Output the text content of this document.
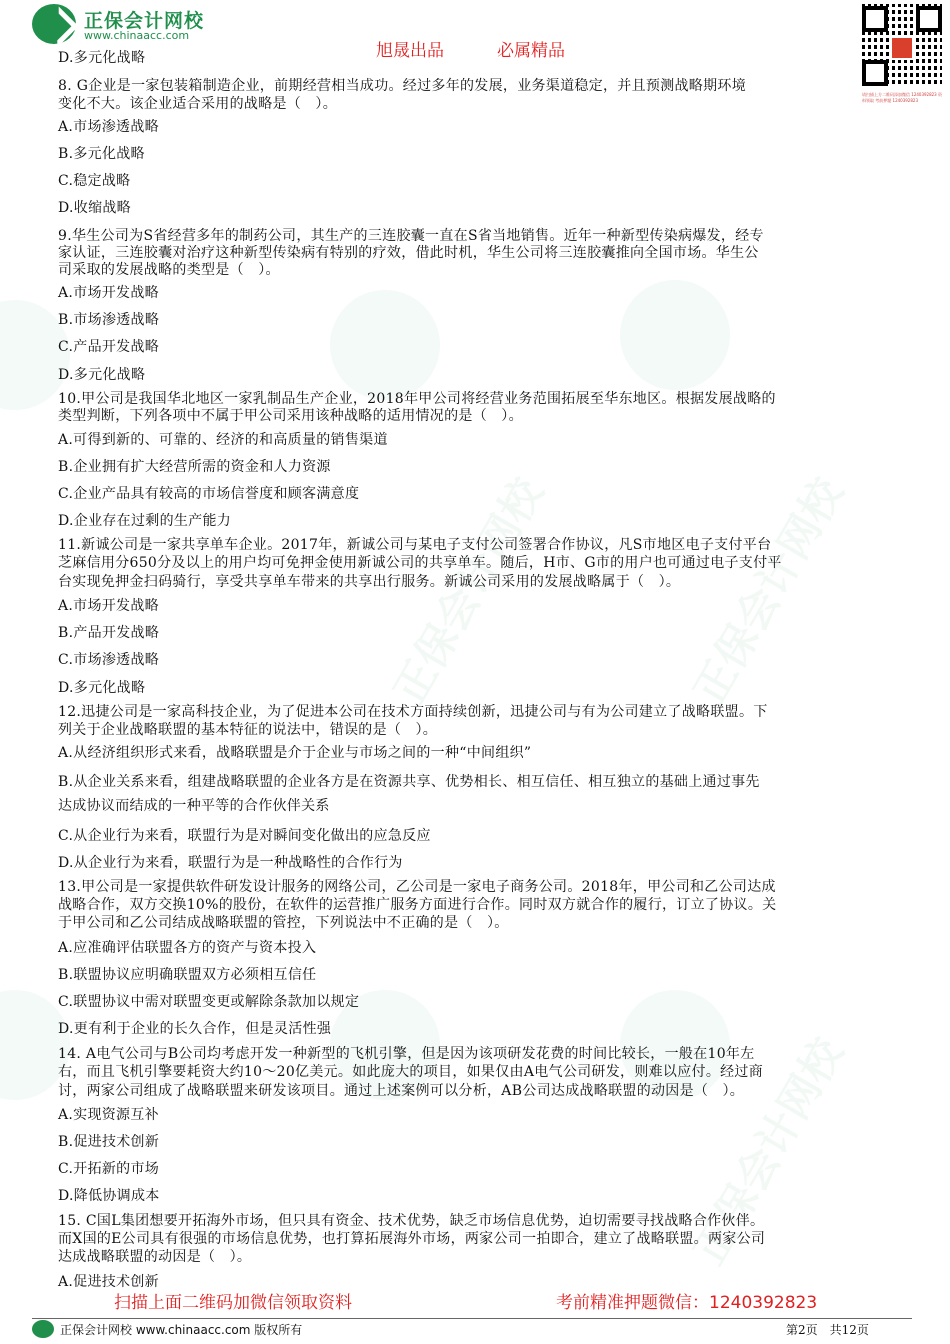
正保会计网校
正保会计网校
正保会计网校
正保会计网校
www.chinaacc.com
旭晟出品	必属精品
请扫描上方二维码添加微信 1240392823 资料领取 考前押题 1240392823
D.多元化战略
8. G企业是一家包装箱制造企业，前期经营相当成功。经过多年的发展，业务渠道稳定，并且预测战略期环境
变化不大。该企业适合采用的战略是（　）。
A.市场渗透战略
B.多元化战略
C.稳定战略
D.收缩战略
9.华生公司为S省经营多年的制药公司，其生产的三连胶囊一直在S省当地销售。近年一种新型传染病爆发，经专
家认证，三连胶囊对治疗这种新型传染病有特别的疗效，借此时机，华生公司将三连胶囊推向全国市场。华生公
司采取的发展战略的类型是（　）。
A.市场开发战略
B.市场渗透战略
C.产品开发战略
D.多元化战略
10.甲公司是我国华北地区一家乳制品生产企业，2018年甲公司将经营业务范围拓展至华东地区。根据发展战略的
类型判断，下列各项中不属于甲公司采用该种战略的适用情况的是（　）。
A.可得到新的、可靠的、经济的和高质量的销售渠道
B.企业拥有扩大经营所需的资金和人力资源
C.企业产品具有较高的市场信誉度和顾客满意度
D.企业存在过剩的生产能力
11.新诚公司是一家共享单车企业。2017年，新诚公司与某电子支付公司签署合作协议，凡S市地区电子支付平台
芝麻信用分650分及以上的用户均可免押金使用新诚公司的共享单车。随后，H市、G市的用户也可通过电子支付平
台实现免押金扫码骑行，享受共享单车带来的共享出行服务。新诚公司采用的发展战略属于（　）。
A.市场开发战略
B.产品开发战略
C.市场渗透战略
D.多元化战略
12.迅捷公司是一家高科技企业，为了促进本公司在技术方面持续创新，迅捷公司与有为公司建立了战略联盟。下
列关于企业战略联盟的基本特征的说法中，错误的是（　）。
A.从经济组织形式来看，战略联盟是介于企业与市场之间的一种“中间组织”
B.从企业关系来看，组建战略联盟的企业各方是在资源共享、优势相长、相互信任、相互独立的基础上通过事先
达成协议而结成的一种平等的合作伙伴关系
C.从企业行为来看，联盟行为是对瞬间变化做出的应急反应
D.从企业行为来看，联盟行为是一种战略性的合作行为
13.甲公司是一家提供软件研发设计服务的网络公司，乙公司是一家电子商务公司。2018年，甲公司和乙公司达成
战略合作，双方交换10%的股份，在软件的运营推广服务方面进行合作。同时双方就合作的履行，订立了协议。关
于甲公司和乙公司结成战略联盟的管控，下列说法中不正确的是（　）。
A.应准确评估联盟各方的资产与资本投入
B.联盟协议应明确联盟双方必须相互信任
C.联盟协议中需对联盟变更或解除条款加以规定
D.更有利于企业的长久合作，但是灵活性强
14. A电气公司与B公司均考虑开发一种新型的飞机引擎，但是因为该项研发花费的时间比较长，一般在10年左
右，而且飞机引擎要耗资大约10～20亿美元。如此庞大的项目，如果仅由A电气公司研发，则难以应付。经过商
讨，两家公司组成了战略联盟来研发该项目。通过上述案例可以分析，AB公司达成战略联盟的动因是（　）。
A.实现资源互补
B.促进技术创新
C.开拓新的市场
D.降低协调成本
15. C国L集团想要开拓海外市场，但只具有资金、技术优势，缺乏市场信息优势，迫切需要寻找战略合作伙伴。
而X国的E公司具有很强的市场信息优势，也打算拓展海外市场，两家公司一拍即合，建立了战略联盟。两家公司
达成战略联盟的动因是（　）。
A.促进技术创新
扫描上面二维码加微信领取资料	考前精准押题微信：1240392823
正保会计网校 www.chinaacc.com 版权所有	第2页　共12页
